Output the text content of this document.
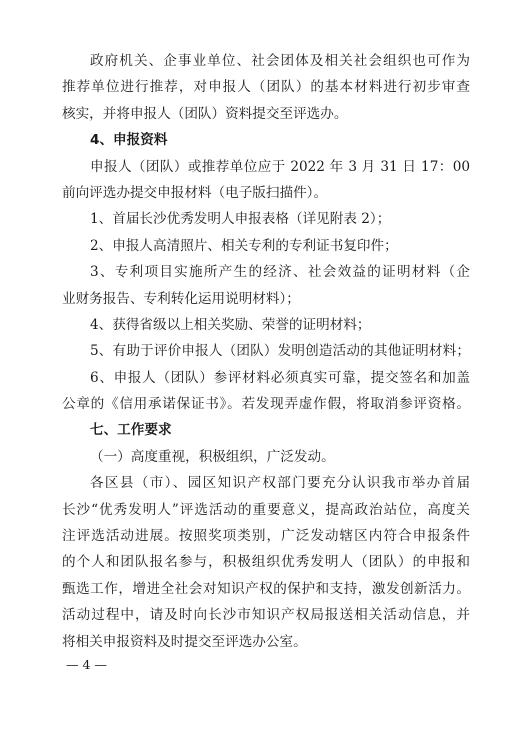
政府机关、企事业单位、社会团体及相关社会组织也可作为
推荐单位进行推荐，对申报人（团队）的基本材料进行初步审查
核实，并将申报人（团队）资料提交至评选办。
4、申报资料
申报人（团队）或推荐单位应于 2022 年 3 月 31 日 17：00
前向评选办提交申报材料（电子版扫描件）。
1、首届长沙优秀发明人申报表格（详见附表 2）；
2、申报人高清照片、相关专利的专利证书复印件；
3、专利项目实施所产生的经济、社会效益的证明材料（企
业财务报告、专利转化运用说明材料）；
4、获得省级以上相关奖励、荣誉的证明材料；
5、有助于评价申报人（团队）发明创造活动的其他证明材料；
6、申报人（团队）参评材料必须真实可靠，提交签名和加盖
公章的《信用承诺保证书》。若发现弄虚作假，将取消参评资格。
七、工作要求
（一）高度重视，积极组织，广泛发动。
各区县（市）、园区知识产权部门要充分认识我市举办首届
长沙“优秀发明人”评选活动的重要意义，提高政治站位，高度关
注评选活动进展。按照奖项类别，广泛发动辖区内符合申报条件
的个人和团队报名参与，积极组织优秀发明人（团队）的申报和
甄选工作，增进全社会对知识产权的保护和支持，激发创新活力。
活动过程中，请及时向长沙市知识产权局报送相关活动信息，并
将相关申报资料及时提交至评选办公室。
— 4 —
